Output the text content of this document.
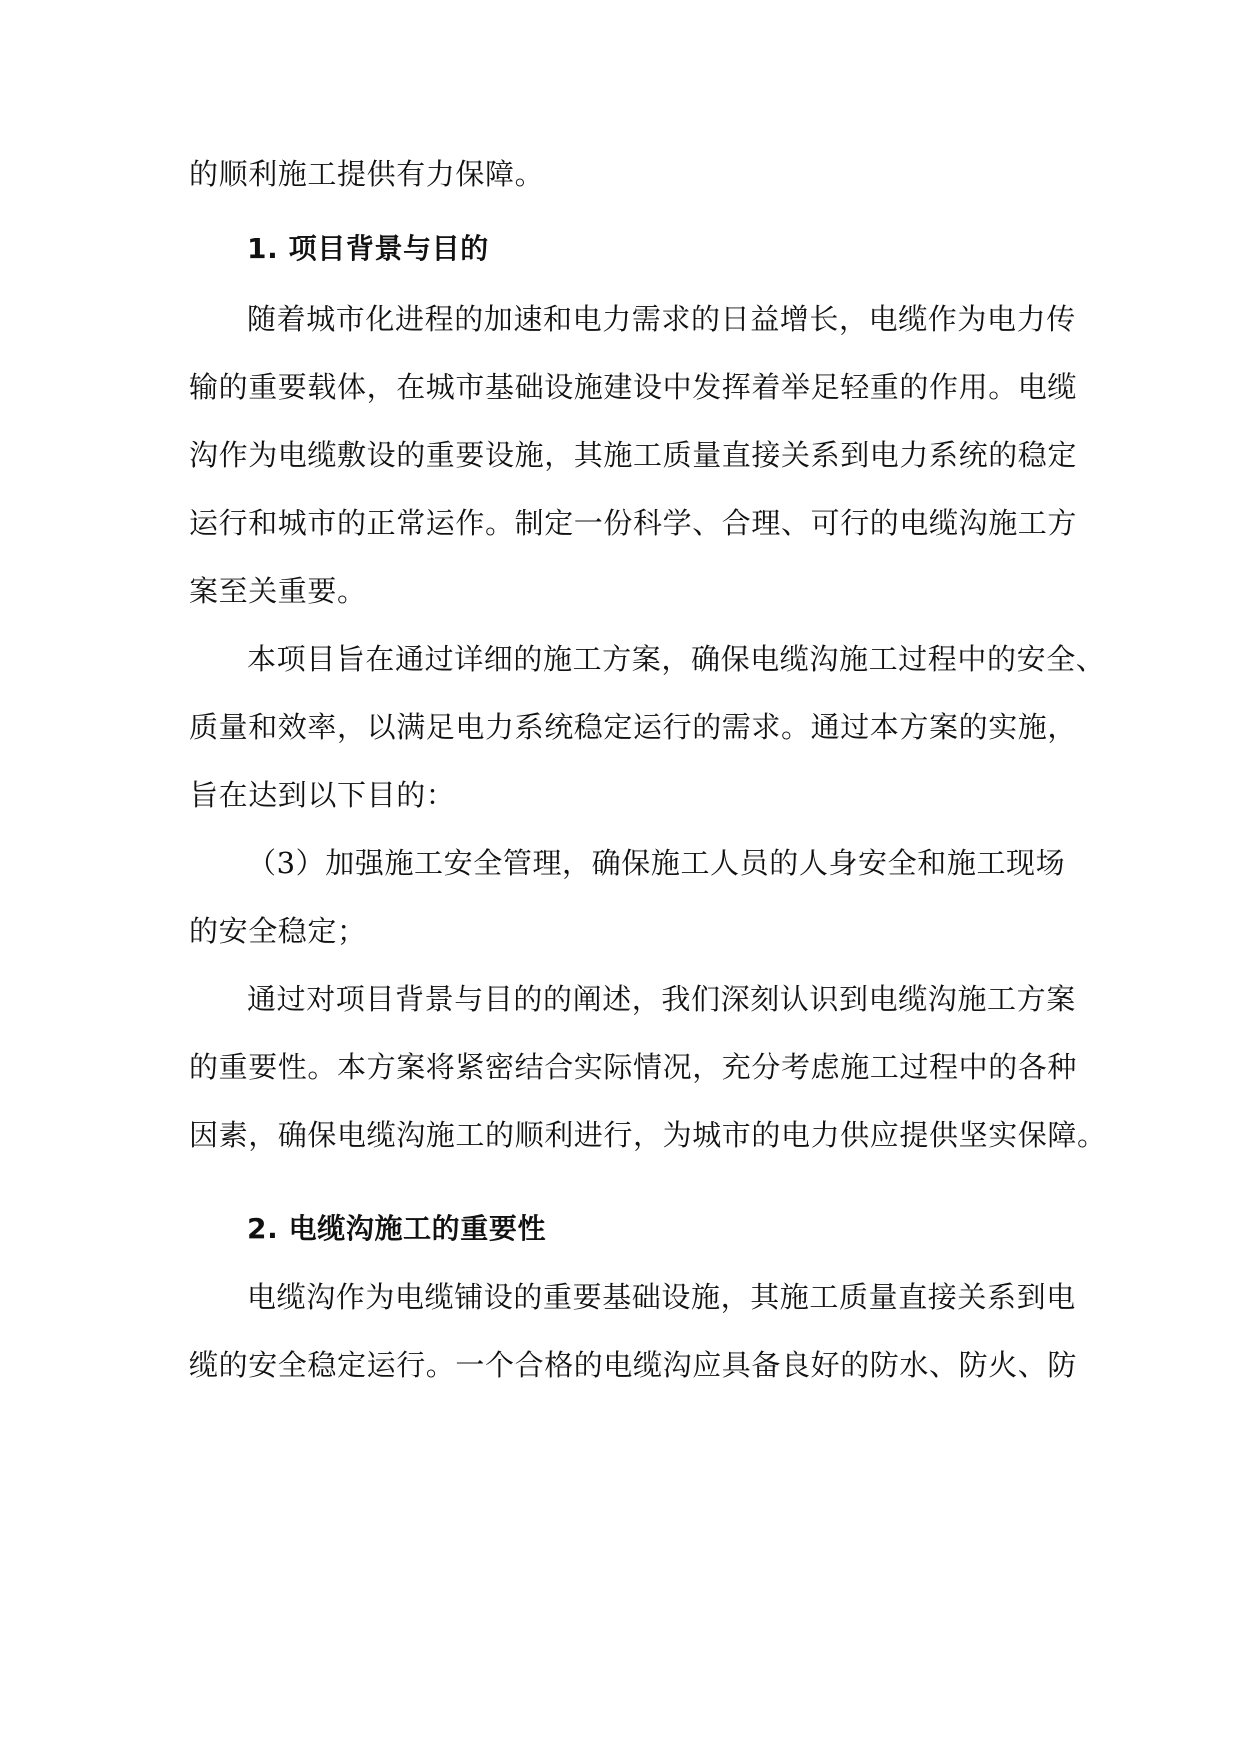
的顺利施工提供有力保障。
1. 项目背景与目的
随着城市化进程的加速和电力需求的日益增长，电缆作为电力传
输的重要载体，在城市基础设施建设中发挥着举足轻重的作用。电缆
沟作为电缆敷设的重要设施，其施工质量直接关系到电力系统的稳定
运行和城市的正常运作。制定一份科学、合理、可行的电缆沟施工方
案至关重要。
本项目旨在通过详细的施工方案，确保电缆沟施工过程中的安全、
质量和效率，以满足电力系统稳定运行的需求。通过本方案的实施，
旨在达到以下目的：
（3）加强施工安全管理，确保施工人员的人身安全和施工现场
的安全稳定；
通过对项目背景与目的的阐述，我们深刻认识到电缆沟施工方案
的重要性。本方案将紧密结合实际情况，充分考虑施工过程中的各种
因素，确保电缆沟施工的顺利进行，为城市的电力供应提供坚实保障。
2. 电缆沟施工的重要性
电缆沟作为电缆铺设的重要基础设施，其施工质量直接关系到电
缆的安全稳定运行。一个合格的电缆沟应具备良好的防水、防火、防
